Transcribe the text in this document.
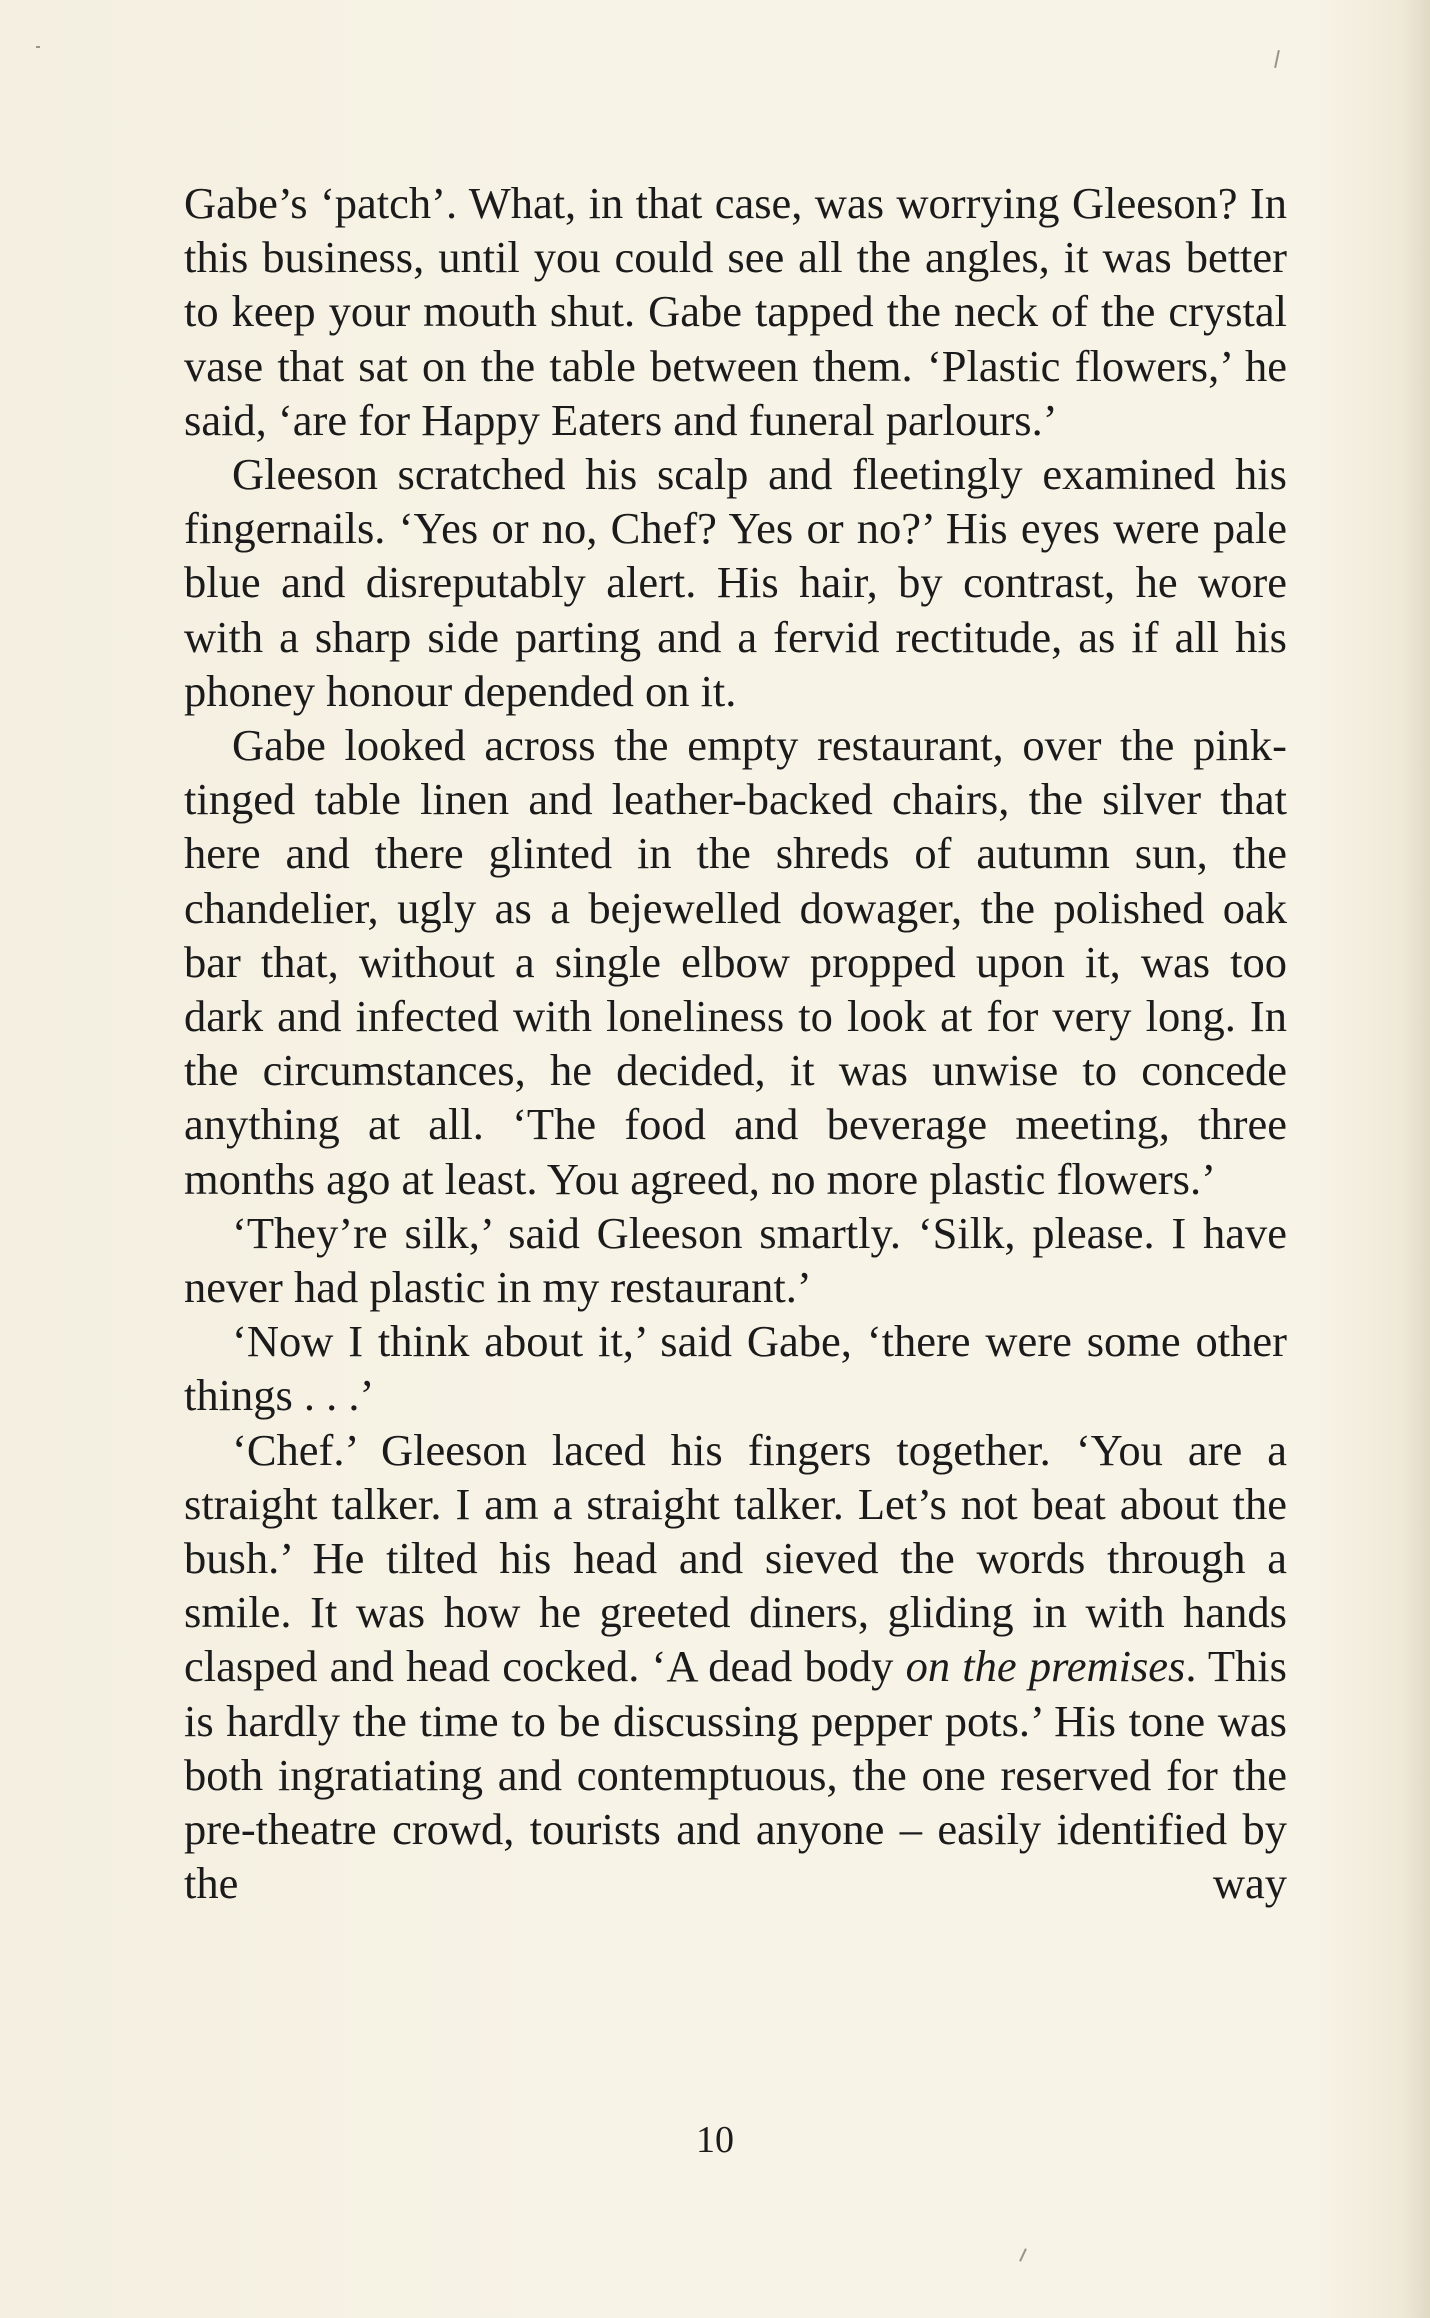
Gabe’s ‘patch’. What, in that case, was worrying Gleeson? In this business, until you could see all the angles, it was better to keep your mouth shut. Gabe tapped the neck of the crystal vase that sat on the table between them. ‘Plastic flowers,’ he said, ‘are for Happy Eaters and funeral parlours.’

Gleeson scratched his scalp and fleetingly examined his fingernails. ‘Yes or no, Chef? Yes or no?’ His eyes were pale blue and disreputably alert. His hair, by contrast, he wore with a sharp side parting and a fervid rectitude, as if all his phoney honour depended on it.

Gabe looked across the empty restaurant, over the pink-tinged table linen and leather-backed chairs, the silver that here and there glinted in the shreds of autumn sun, the chandelier, ugly as a bejewelled dowager, the polished oak bar that, without a single elbow propped upon it, was too dark and infected with loneliness to look at for very long. In the circumstances, he decided, it was unwise to concede anything at all. ‘The food and beverage meeting, three months ago at least. You agreed, no more plastic flowers.’

‘They’re silk,’ said Gleeson smartly. ‘Silk, please. I have never had plastic in my restaurant.’

‘Now I think about it,’ said Gabe, ‘there were some other things . . .’

‘Chef.’ Gleeson laced his fingers together. ‘You are a straight talker. I am a straight talker. Let’s not beat about the bush.’ He tilted his head and sieved the words through a smile. It was how he greeted diners, gliding in with hands clasped and head cocked. ‘A dead body on the premises. This is hardly the time to be discussing pepper pots.’ His tone was both ingratiating and contemptuous, the one reserved for the pre-theatre crowd, tourists and anyone – easily identified by the way

10
